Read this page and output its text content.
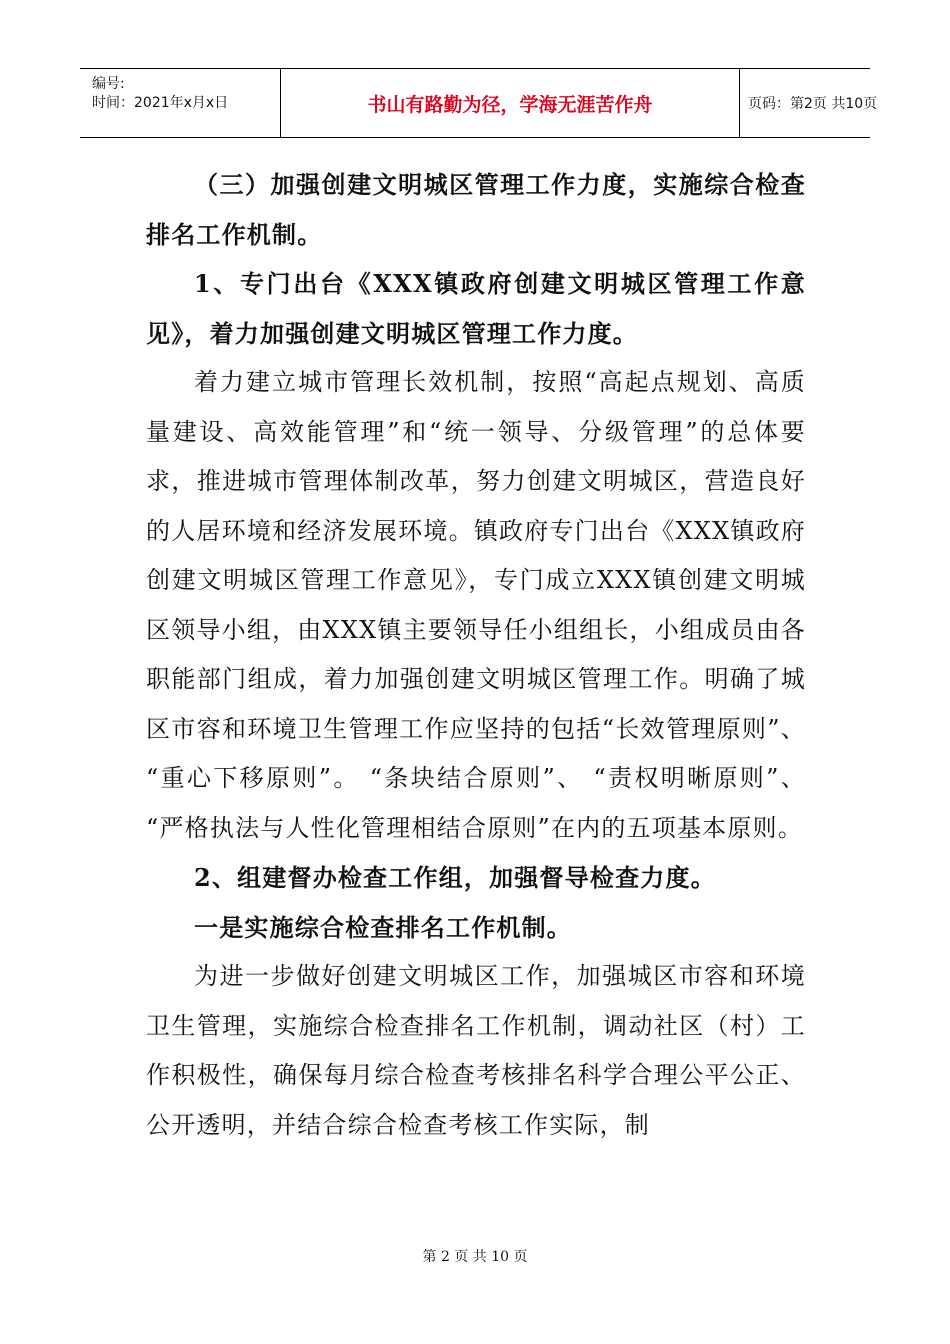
编号:
时间：2021年x月x日	书山有路勤为径，学海无涯苦作舟	页码：第2页 共10页

（三）加强创建文明城区管理工作力度，实施综合检查排名工作机制。

1、专门出台《XXX镇政府创建文明城区管理工作意见》，着力加强创建文明城区管理工作力度。

着力建立城市管理长效机制，按照“高起点规划、高质量建设、高效能管理”和“统一领导、分级管理”的总体要求，推进城市管理体制改革，努力创建文明城区，营造良好的人居环境和经济发展环境。镇政府专门出台《XXX镇政府创建文明城区管理工作意见》，专门成立XXX镇创建文明城区领导小组，由XXX镇主要领导任小组组长，小组成员由各职能部门组成，着力加强创建文明城区管理工作。明确了城区市容和环境卫生管理工作应坚持的包括“长效管理原则”、 “重心下移原则”。 “条块结合原则”、 “责权明晰原则”、 “严格执法与人性化管理相结合原则”在内的五项基本原则。

2、组建督办检查工作组，加强督导检查力度。

一是实施综合检查排名工作机制。

为进一步做好创建文明城区工作，加强城区市容和环境卫生管理，实施综合检查排名工作机制，调动社区（村）工作积极性，确保每月综合检查考核排名科学合理公平公正、公开透明，并结合综合检查考核工作实际，制

第 2 页 共 10 页
